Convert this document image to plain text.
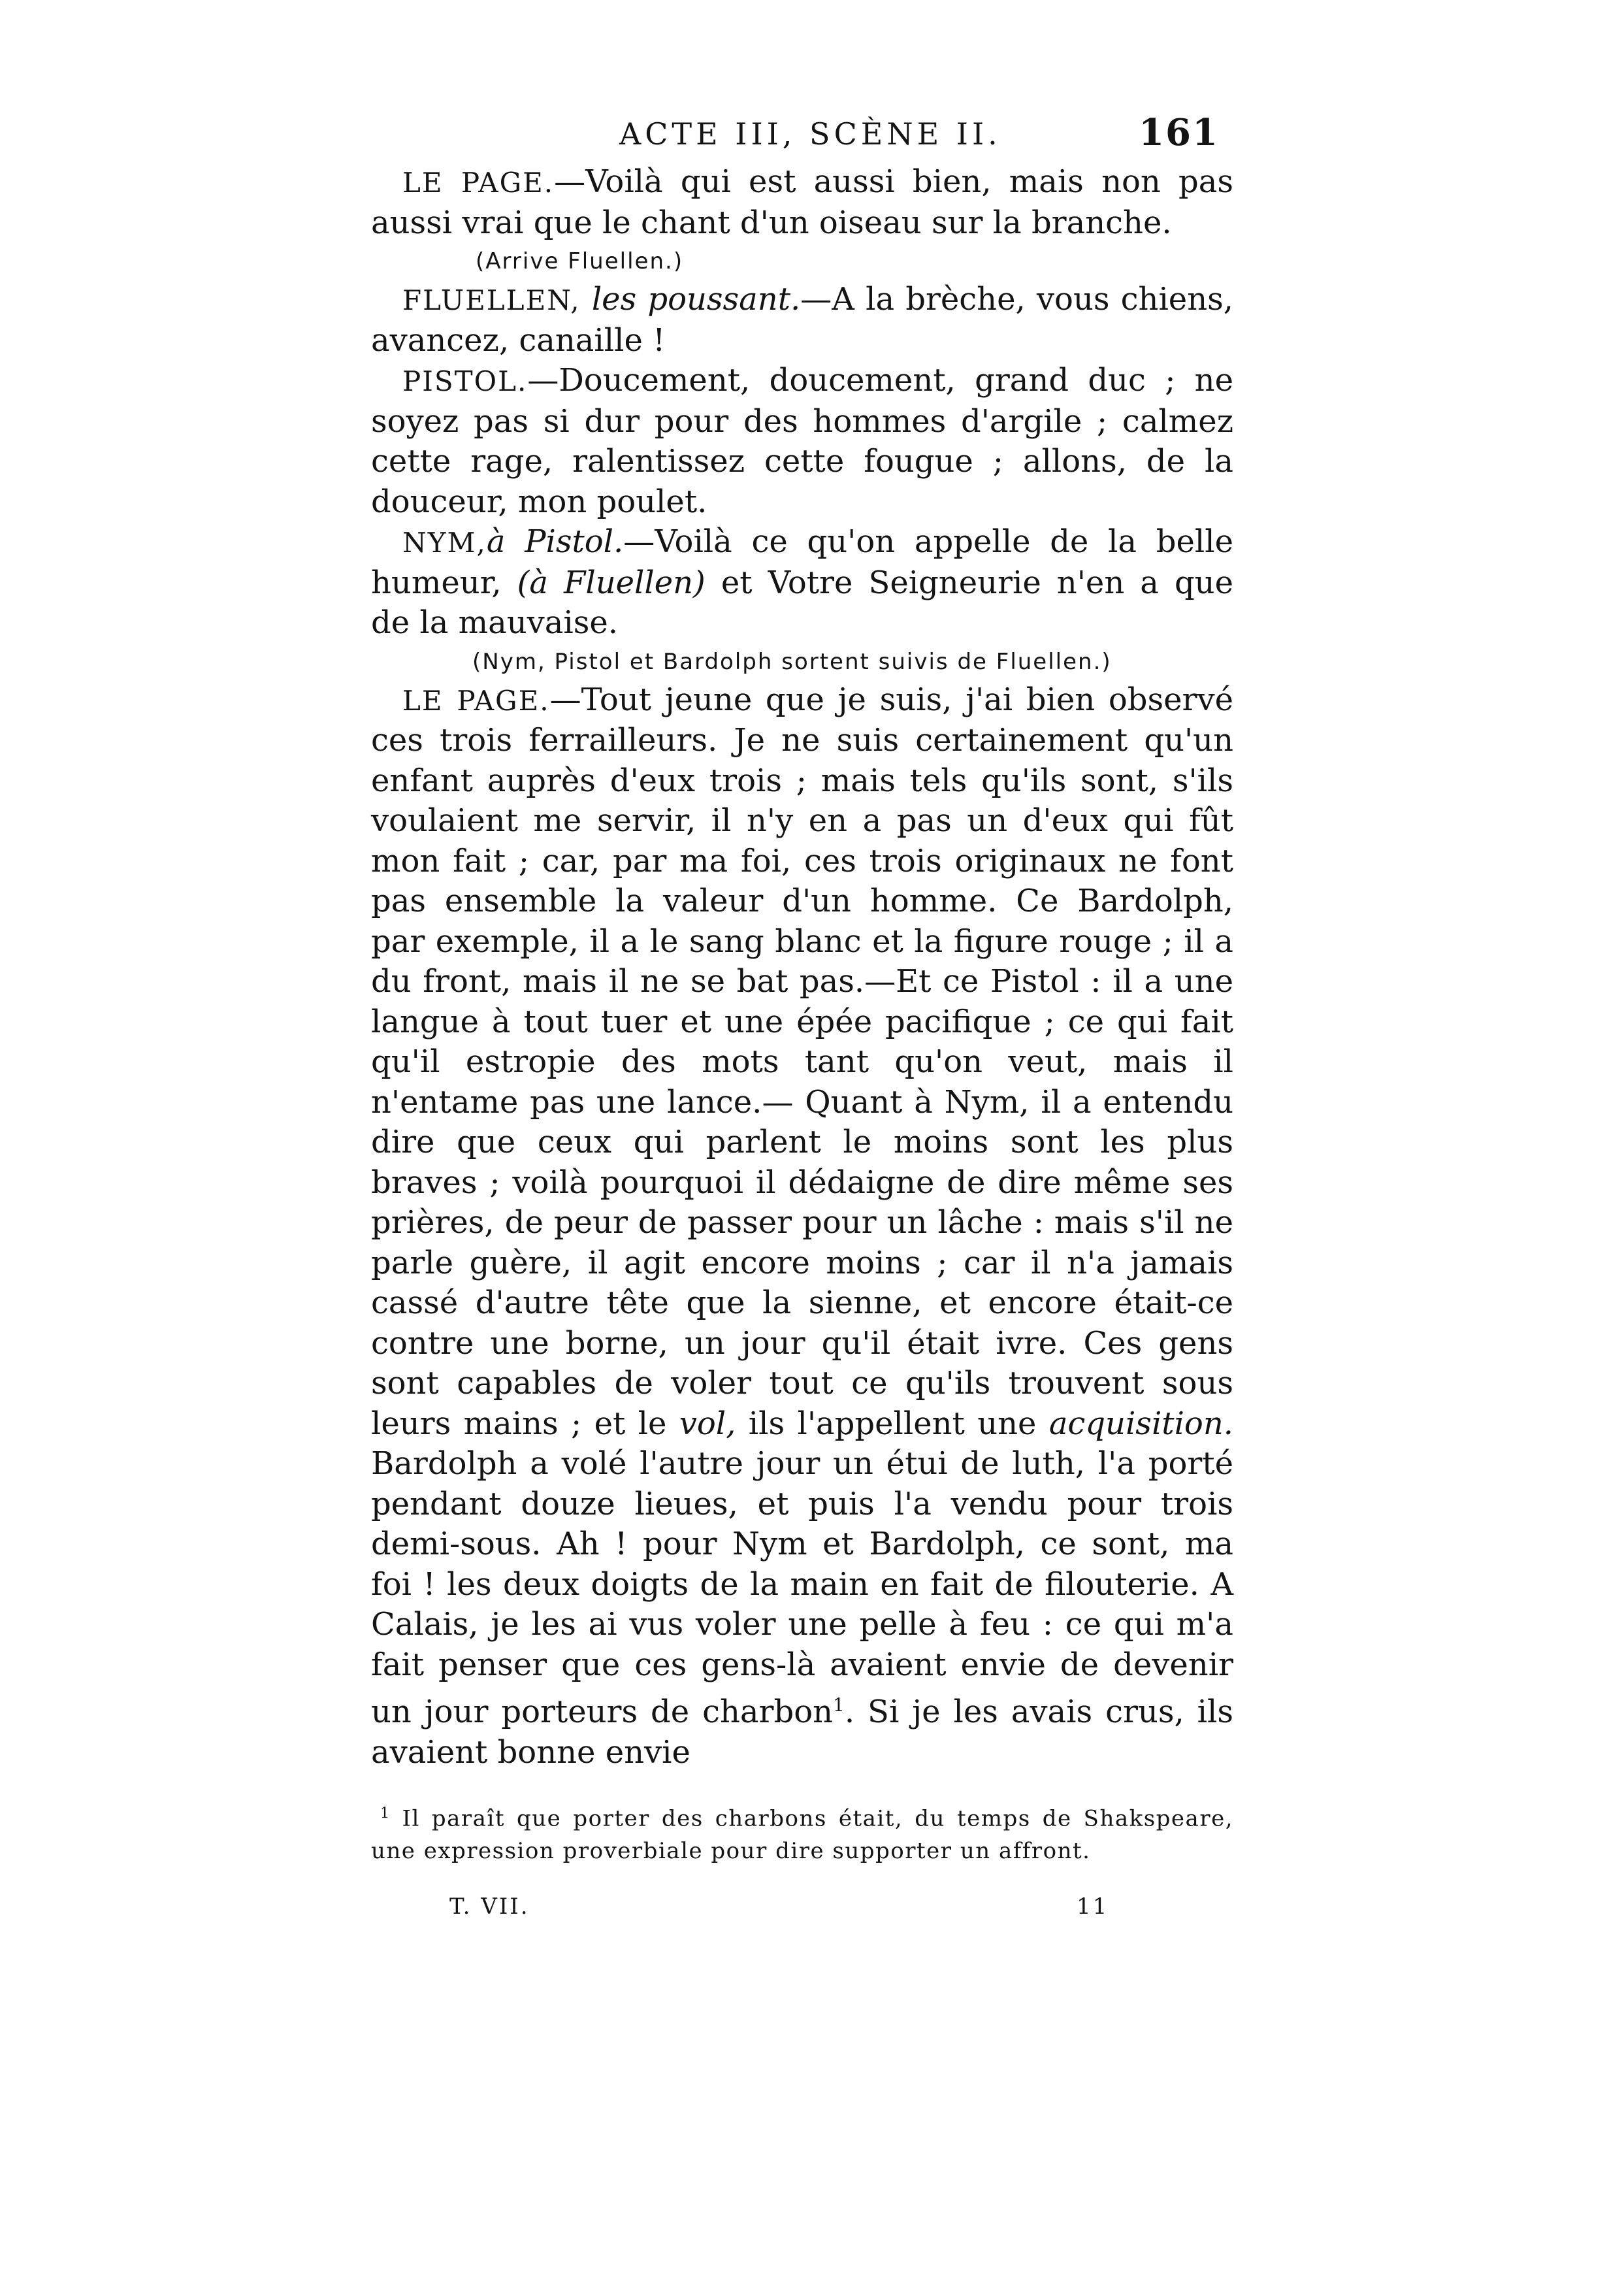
ACTE III, SCÈNE II.	161

LE PAGE.—Voilà qui est aussi bien, mais non pas aussi vrai que le chant d'un oiseau sur la branche.

(Arrive Fluellen.)

FLUELLEN, les poussant.—A la brèche, vous chiens, avancez, canaille !

PISTOL.—Doucement, doucement, grand duc ; ne soyez pas si dur pour des hommes d'argile ; calmez cette rage, ralentissez cette fougue ; allons, de la douceur, mon poulet.

NYM,à Pistol.—Voilà ce qu'on appelle de la belle humeur, (à Fluellen) et Votre Seigneurie n'en a que de la mauvaise.

(Nym, Pistol et Bardolph sortent suivis de Fluellen.)

LE PAGE.—Tout jeune que je suis, j'ai bien observé ces trois ferrailleurs. Je ne suis certainement qu'un enfant auprès d'eux trois ; mais tels qu'ils sont, s'ils voulaient me servir, il n'y en a pas un d'eux qui fût mon fait ; car, par ma foi, ces trois originaux ne font pas ensemble la valeur d'un homme. Ce Bardolph, par exemple, il a le sang blanc et la figure rouge ; il a du front, mais il ne se bat pas.—Et ce Pistol : il a une langue à tout tuer et une épée pacifique ; ce qui fait qu'il estropie des mots tant qu'on veut, mais il n'entame pas une lance.— Quant à Nym, il a entendu dire que ceux qui parlent le moins sont les plus braves ; voilà pourquoi il dédaigne de dire même ses prières, de peur de passer pour un lâche : mais s'il ne parle guère, il agit encore moins ; car il n'a jamais cassé d'autre tête que la sienne, et encore était-ce contre une borne, un jour qu'il était ivre. Ces gens sont capables de voler tout ce qu'ils trouvent sous leurs mains ; et le vol, ils l'appellent une acquisition. Bardolph a volé l'autre jour un étui de luth, l'a porté pendant douze lieues, et puis l'a vendu pour trois demi-sous. Ah ! pour Nym et Bardolph, ce sont, ma foi ! les deux doigts de la main en fait de filouterie. A Calais, je les ai vus voler une pelle à feu : ce qui m'a fait penser que ces gens-là avaient envie de devenir un jour porteurs de charbon$^1$. Si je les avais crus, ils avaient bonne envie

$^1$ Il paraît que porter des charbons était, du temps de Shakspeare, une expression proverbiale pour dire supporter un affront.

T. VII.	11
